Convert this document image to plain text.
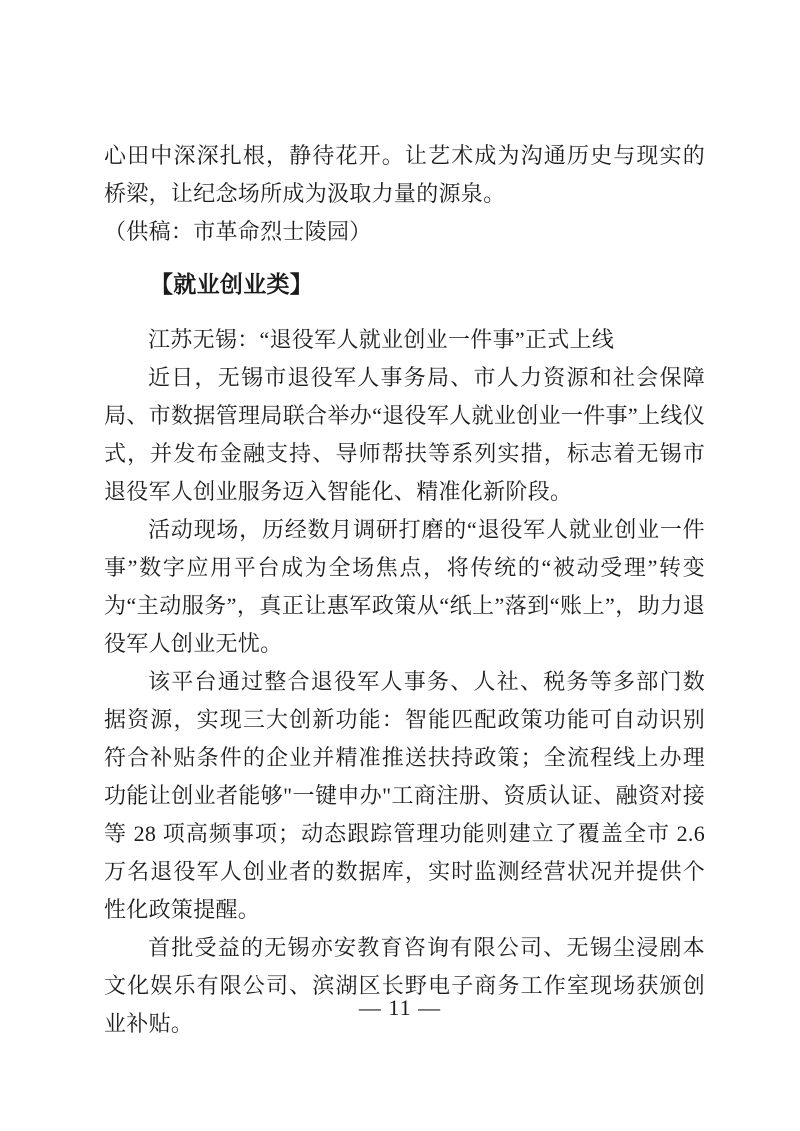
心田中深深扎根，静待花开。让艺术成为沟通历史与现实的桥梁，让纪念场所成为汲取力量的源泉。

（供稿：市革命烈士陵园）

【就业创业类】

江苏无锡：“退役军人就业创业一件事”正式上线

近日，无锡市退役军人事务局、市人力资源和社会保障局、市数据管理局联合举办“退役军人就业创业一件事”上线仪式，并发布金融支持、导师帮扶等系列实措，标志着无锡市退役军人创业服务迈入智能化、精准化新阶段。

活动现场，历经数月调研打磨的“退役军人就业创业一件事”数字应用平台成为全场焦点，将传统的“被动受理”转变为“主动服务”，真正让惠军政策从“纸上”落到“账上”，助力退役军人创业无忧。

该平台通过整合退役军人事务、人社、税务等多部门数据资源，实现三大创新功能：智能匹配政策功能可自动识别符合补贴条件的企业并精准推送扶持政策；全流程线上办理功能让创业者能够"一键申办"工商注册、资质认证、融资对接等 28 项高频事项；动态跟踪管理功能则建立了覆盖全市 2.6 万名退役军人创业者的数据库，实时监测经营状况并提供个性化政策提醒。

首批受益的无锡亦安教育咨询有限公司、无锡尘浸剧本文化娱乐有限公司、滨湖区长野电子商务工作室现场获颁创业补贴。

— 11 —
